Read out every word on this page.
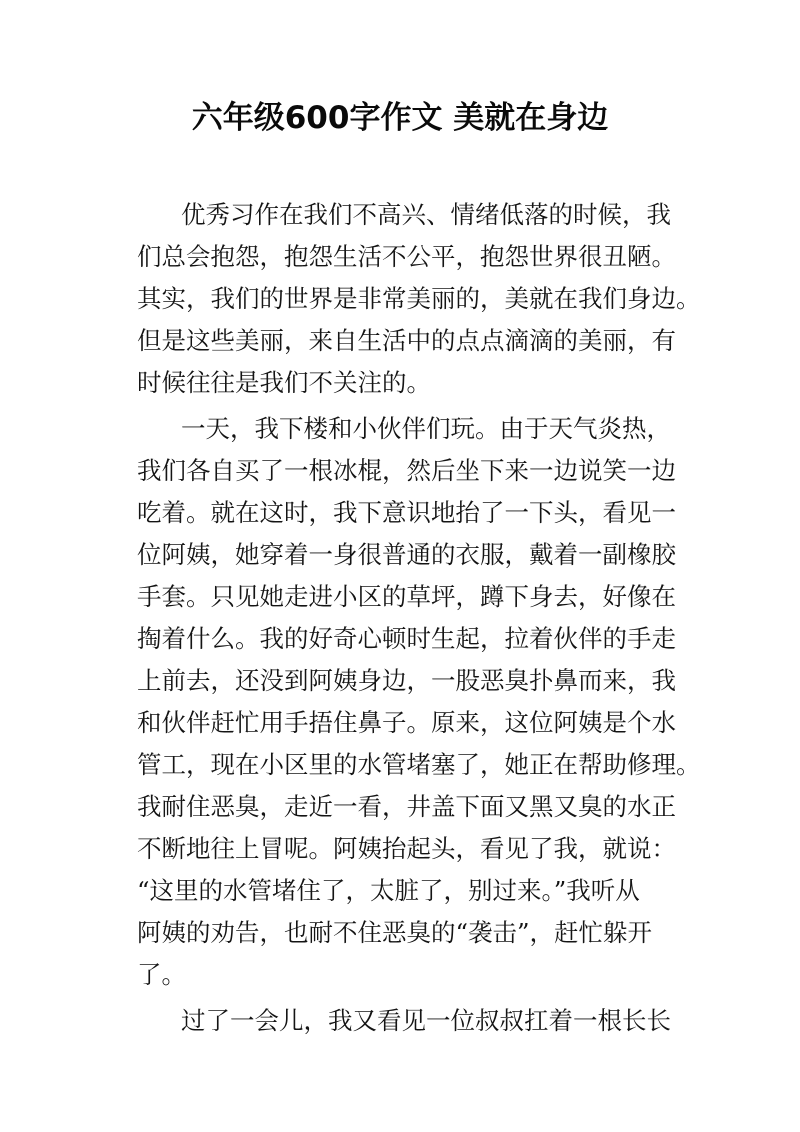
六年级600字作文 美就在身边
优秀习作在我们不高兴、情绪低落的时候，我
们总会抱怨，抱怨生活不公平，抱怨世界很丑陋。
其实，我们的世界是非常美丽的，美就在我们身边。
但是这些美丽，来自生活中的点点滴滴的美丽，有
时候往往是我们不关注的。
一天，我下楼和小伙伴们玩。由于天气炎热，
我们各自买了一根冰棍，然后坐下来一边说笑一边
吃着。就在这时，我下意识地抬了一下头，看见一
位阿姨，她穿着一身很普通的衣服，戴着一副橡胶
手套。只见她走进小区的草坪，蹲下身去，好像在
掏着什么。我的好奇心顿时生起，拉着伙伴的手走
上前去，还没到阿姨身边，一股恶臭扑鼻而来，我
和伙伴赶忙用手捂住鼻子。原来，这位阿姨是个水
管工，现在小区里的水管堵塞了，她正在帮助修理。
我耐住恶臭，走近一看，井盖下面又黑又臭的水正
不断地往上冒呢。阿姨抬起头，看见了我，就说：
“这里的水管堵住了，太脏了，别过来。”我听从
阿姨的劝告，也耐不住恶臭的“袭击”，赶忙躲开
了。
过了一会儿，我又看见一位叔叔扛着一根长长
